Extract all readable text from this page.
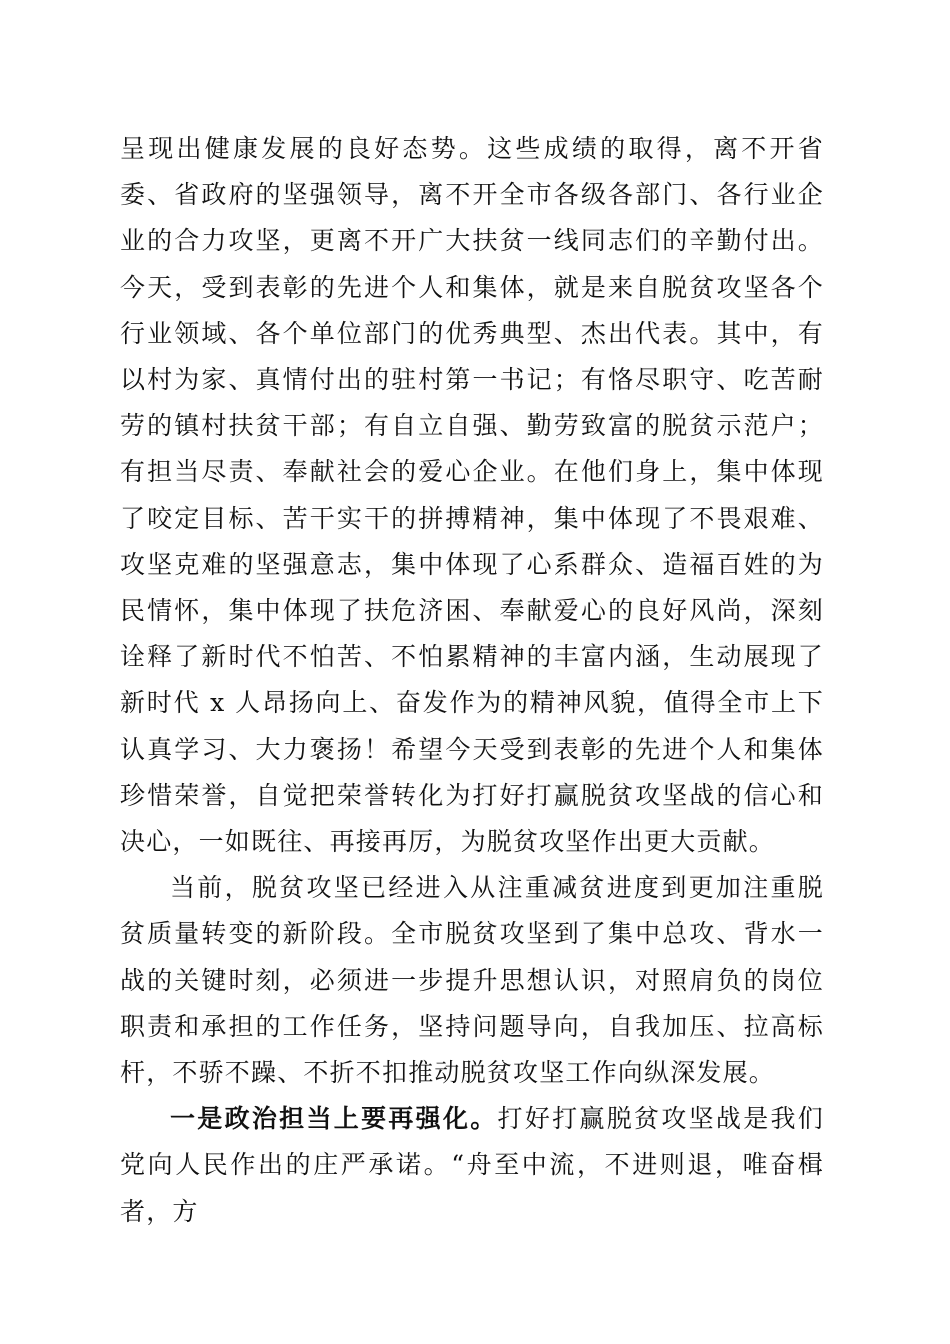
呈现出健康发展的良好态势。这些成绩的取得，离不开省委、省政府的坚强领导，离不开全市各级各部门、各行业企业的合力攻坚，更离不开广大扶贫一线同志们的辛勤付出。今天，受到表彰的先进个人和集体，就是来自脱贫攻坚各个行业领域、各个单位部门的优秀典型、杰出代表。其中，有以村为家、真情付出的驻村第一书记；有恪尽职守、吃苦耐劳的镇村扶贫干部；有自立自强、勤劳致富的脱贫示范户；有担当尽责、奉献社会的爱心企业。在他们身上，集中体现了咬定目标、苦干实干的拼搏精神，集中体现了不畏艰难、攻坚克难的坚强意志，集中体现了心系群众、造福百姓的为民情怀，集中体现了扶危济困、奉献爱心的良好风尚，深刻诠释了新时代不怕苦、不怕累精神的丰富内涵，生动展现了新时代 x 人昂扬向上、奋发作为的精神风貌，值得全市上下认真学习、大力褒扬！希望今天受到表彰的先进个人和集体珍惜荣誉，自觉把荣誉转化为打好打赢脱贫攻坚战的信心和决心，一如既往、再接再厉，为脱贫攻坚作出更大贡献。

当前，脱贫攻坚已经进入从注重减贫进度到更加注重脱贫质量转变的新阶段。全市脱贫攻坚到了集中总攻、背水一战的关键时刻，必须进一步提升思想认识，对照肩负的岗位职责和承担的工作任务，坚持问题导向，自我加压、拉高标杆，不骄不躁、不折不扣推动脱贫攻坚工作向纵深发展。

一是政治担当上要再强化。打好打赢脱贫攻坚战是我们党向人民作出的庄严承诺。“舟至中流，不进则退，唯奋楫者，方
